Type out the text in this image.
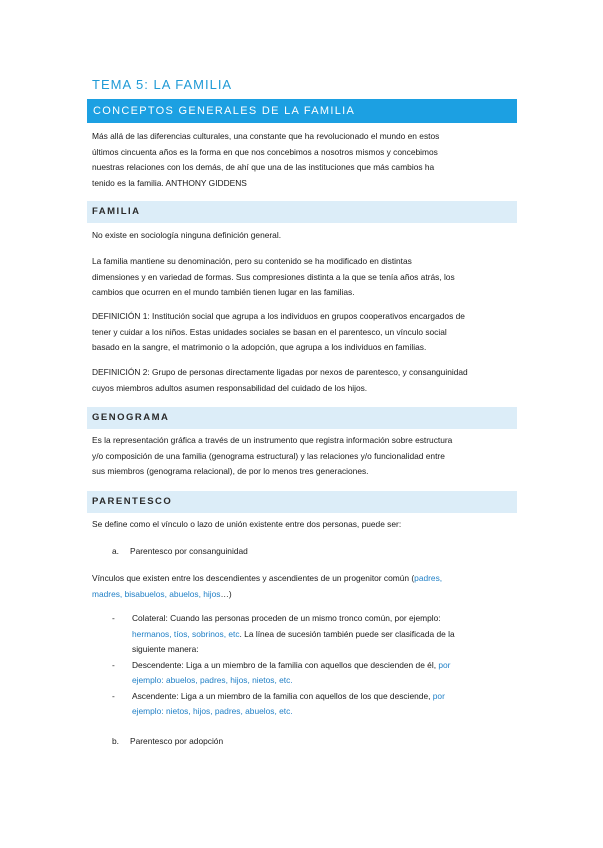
TEMA 5: LA FAMILIA
CONCEPTOS GENERALES DE LA FAMILIA
Más allá de las diferencias culturales, una constante que ha revolucionado el mundo en estos
últimos cincuenta años es la forma en que nos concebimos a nosotros mismos y concebimos
nuestras relaciones con los demás, de ahí que una de las instituciones que más cambios ha
tenido es la familia. ANTHONY GIDDENS
FAMILIA
No existe en sociología ninguna definición general.
La familia mantiene su denominación, pero su contenido se ha modificado en distintas
dimensiones y en variedad de formas. Sus compresiones distinta a la que se tenía años atrás, los
cambios que ocurren en el mundo también tienen lugar en las familias.
DEFINICIÓN 1: Institución social que agrupa a los individuos en grupos cooperativos encargados de
tener y cuidar a los niños. Estas unidades sociales se basan en el parentesco, un vínculo social
basado en la sangre, el matrimonio o la adopción, que agrupa a los individuos en familias.
DEFINICIÓN 2: Grupo de personas directamente ligadas por nexos de parentesco, y consanguinidad
cuyos miembros adultos asumen responsabilidad del cuidado de los hijos.
GENOGRAMA
Es la representación gráfica a través de un instrumento que registra información sobre estructura
y/o composición de una familia (genograma estructural) y las relaciones y/o funcionalidad entre
sus miembros (genograma relacional), de por lo menos tres generaciones.
PARENTESCO
Se define como el vínculo o lazo de unión existente entre dos personas, puede ser:
a. Parentesco por consanguinidad
Vínculos que existen entre los descendientes y ascendientes de un progenitor común (padres,
madres, bisabuelos, abuelos, hijos…)
- Colateral: Cuando las personas proceden de un mismo tronco común, por ejemplo:
hermanos, tíos, sobrinos, etc. La línea de sucesión también puede ser clasificada de la
siguiente manera:
- Descendente: Liga a un miembro de la familia con aquellos que descienden de él, por
ejemplo: abuelos, padres, hijos, nietos, etc.
- Ascendente: Liga a un miembro de la familia con aquellos de los que desciende, por
ejemplo: nietos, hijos, padres, abuelos, etc.
b. Parentesco por adopción
